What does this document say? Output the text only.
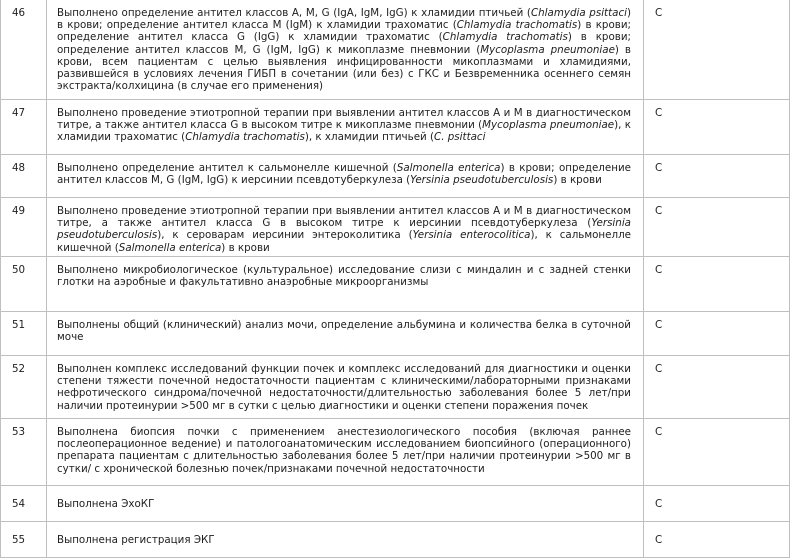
46	Выполнено определение антител классов A, M, G (IgA, IgM, IgG) к хламидии птичьей (Chlamydia psittaci) в крови; определение антител класса M (IgM) к хламидии трахоматис (Chlamydia trachomatis) в крови; определение антител класса G (IgG) к хламидии трахоматис (Chlamydia trachomatis) в крови; определение антител классов M, G (IgM, IgG) к микоплазме пневмонии (Mycoplasma pneumoniae) в крови, всем пациентам с целью выявления инфицированности микоплазмами и хламидиями, развившейся в условиях лечения ГИБП в сочетании (или без) с ГКС и Безвременника осеннего семян экстракта/колхицина (в случае его применения)	С

47	Выполнено проведение этиотропной терапии при выявлении антител классов A и M в диагностическом титре, а также антител класса G в высоком титре к микоплазме пневмонии (Mycoplasma pneumoniae), к хламидии трахоматис (Chlamydia trachomatis), к хламидии птичьей (C. psittaci	С

48	Выполнено определение антител к сальмонелле кишечной (Salmonella enterica) в крови; определение антител классов M, G (IgM, IgG) к иерсинии псевдотуберкулеза (Yersinia pseudotuberculosis) в крови	С

49	Выполнено проведение этиотропной терапии при выявлении антител классов A и M в диагностическом титре, а также антител класса G в высоком титре к иерсинии псевдотуберкулеза (Yersinia pseudotuberculosis), к сероварам иерсинии энтероколитика (Yersinia enterocolitica), к сальмонелле кишечной (Salmonella enterica) в крови	С

50	Выполнено микробиологическое (культуральное) исследование слизи с миндалин и с задней стенки глотки на аэробные и факультативно анаэробные микроорганизмы	С

51	Выполнены общий (клинический) анализ мочи, определение альбумина и количества белка в суточной моче	С

52	Выполнен комплекс исследований функции почек и комплекс исследований для диагностики и оценки степени тяжести почечной недостаточности пациентам с клиническими/лабораторными признаками нефротического синдрома/почечной недостаточности/длительностью заболевания более 5 лет/при наличии протеинурии >500 мг в сутки с целью диагностики и оценки степени поражения почек	С

53	Выполнена биопсия почки с применением анестезиологического пособия (включая раннее послеоперационное ведение) и патологоанатомическим исследованием биопсийного (операционного) препарата пациентам с длительностью заболевания более 5 лет/при наличии протеинурии >500 мг в сутки/ с хронической болезнью почек/признаками почечной недостаточности	С

54	Выполнена ЭхоКГ	С

55	Выполнена регистрация ЭКГ	С
